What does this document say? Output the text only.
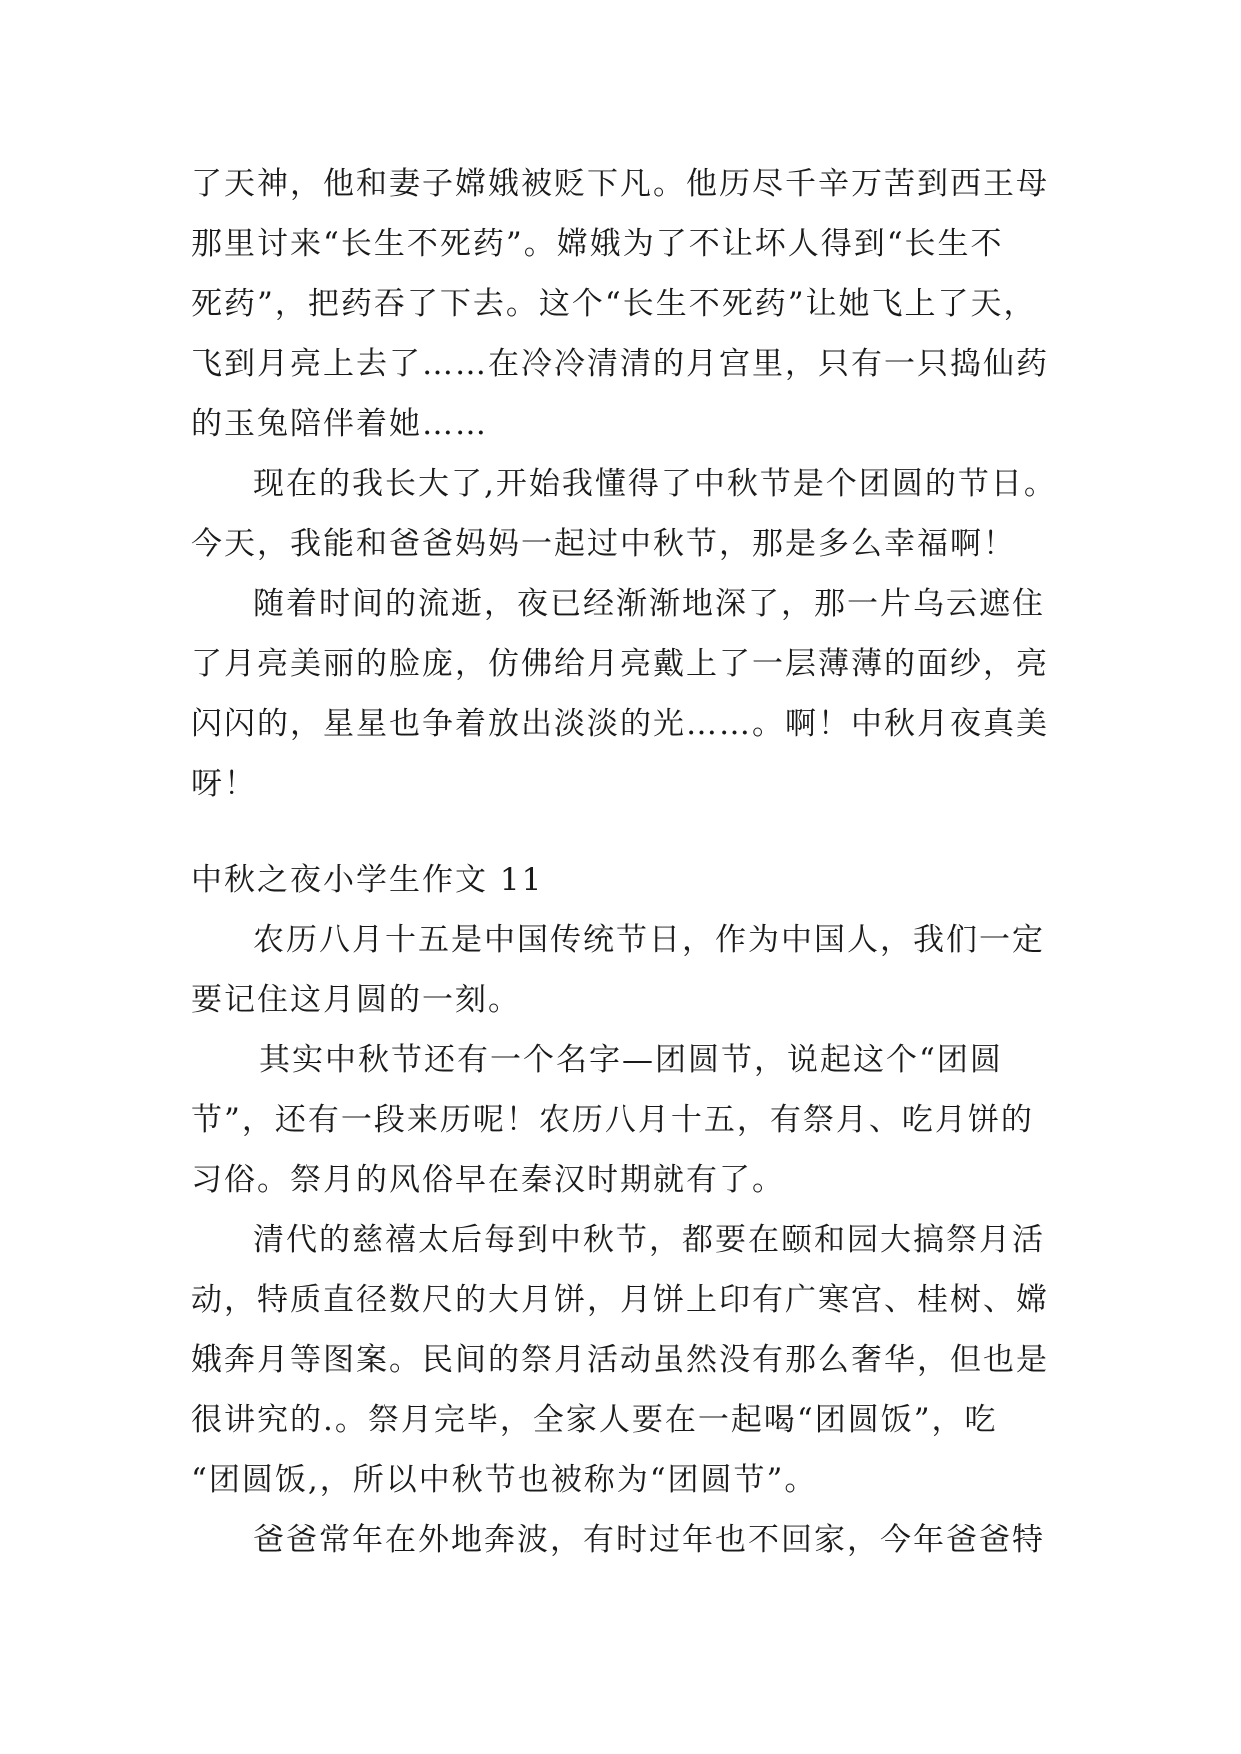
了天神，他和妻子嫦娥被贬下凡。他历尽千辛万苦到西王母
那里讨来“长生不死药”。嫦娥为了不让坏人得到“长生不
死药”，把药吞了下去。这个“长生不死药”让她飞上了天，
飞到月亮上去了……在冷冷清清的月宫里，只有一只捣仙药
的玉兔陪伴着她……
现在的我长大了,开始我懂得了中秋节是个团圆的节日。
今天，我能和爸爸妈妈一起过中秋节，那是多么幸福啊！
随着时间的流逝，夜已经渐渐地深了，那一片乌云遮住
了月亮美丽的脸庞，仿佛给月亮戴上了一层薄薄的面纱，亮
闪闪的，星星也争着放出淡淡的光……。啊！中秋月夜真美
呀！
中秋之夜小学生作文 11
农历八月十五是中国传统节日，作为中国人，我们一定
要记住这月圆的一刻。
其实中秋节还有一个名字—团圆节，说起这个“团圆
节”，还有一段来历呢！农历八月十五，有祭月、吃月饼的
习俗。祭月的风俗早在秦汉时期就有了。
清代的慈禧太后每到中秋节，都要在颐和园大搞祭月活
动，特质直径数尺的大月饼，月饼上印有广寒宫、桂树、嫦
娥奔月等图案。民间的祭月活动虽然没有那么奢华，但也是
很讲究的.。祭月完毕，全家人要在一起喝“团圆饭”，吃
“团圆饭,，所以中秋节也被称为“团圆节”。
爸爸常年在外地奔波，有时过年也不回家，今年爸爸特
